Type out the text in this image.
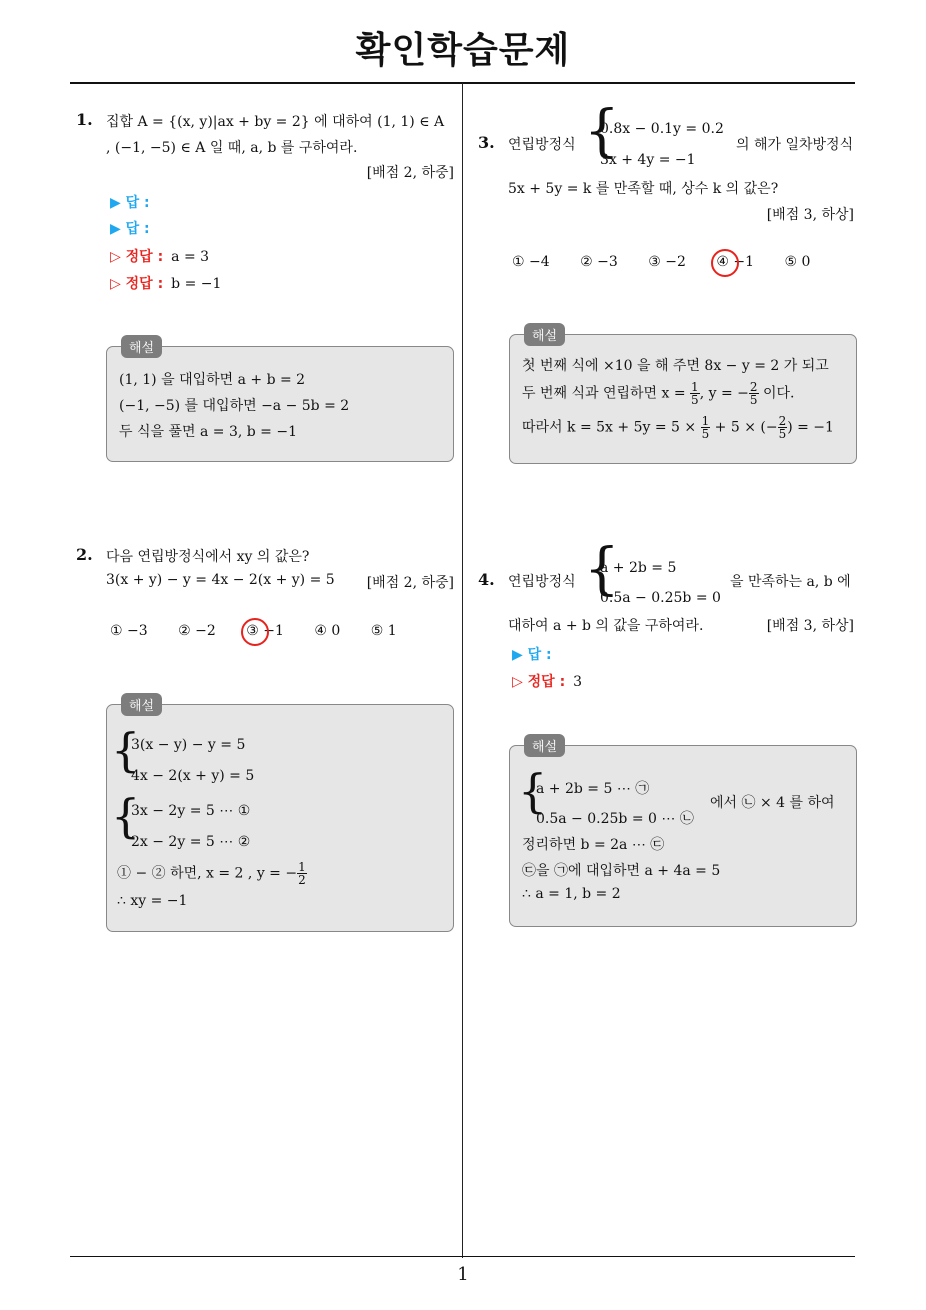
확인학습문제
1. 집합 A = {(x, y)|ax + by = 2} 에 대하여 (1, 1) ∈ A
, (−1, −5) ∈ A 일 때, a, b 를 구하여라.
[배점 2, 하중]
▶ 답 :
▶ 답 :
▷ 정답 : a = 3
▷ 정답 : b = −1
해설
(1, 1) 을 대입하면 a + b = 2
(−1, −5) 를 대입하면 −a − 5b = 2
두 식을 풀면 a = 3, b = −1
2. 다음 연립방정식에서 xy 의 값은?
3(x + y) − y = 4x − 2(x + y) = 5 [배점 2, 하중]
① −3 ② −2 ③ −1 ④ 0 ⑤ 1
해설
{
3(x − y) − y = 5
4x − 2(x + y) = 5
{
3x − 2y = 5 ⋯ ①
2x − 2y = 5 ⋯ ②
① − ② 하면, x = 2 , y = − $\frac{1}{2}$
∴ xy = −1
3. 연립방정식 {
0.8x − 0.1y = 0.2
3x + 4y = −1
의 해가 일차방정식
5x + 5y = k 를 만족할 때, 상수 k 의 값은?
[배점 3, 하상]
① −4 ② −3 ③ −2 ④ −1 ⑤ 0
해설
첫 번째 식에 ×10 을 해 주면 8x − y = 2 가 되고
두 번째 식과 연립하면 $x = \frac{1}{5}$ , y = − $\frac{2}{5}$ 이다.
따라서 $k = 5x + 5y = 5 \times \frac{1}{5} + 5$ × (− $\frac{2}{5}$ ) = −1
4. 연립방정식 {
a + 2b = 5
0.5a − 0.25b = 0
을 만족하는 a, b 에
대하여 a + b 의 값을 구하여라.	[배점 3, 하상]
▶ 답 :
▷ 정답 : 3
해설
{
a + 2b = 5 ⋯ ㉠
0.5a − 0.25b = 0 ⋯ ㉡
에서 ㉡ × 4 를 하여
정리하면 b = 2a ⋯ ㉢
㉢을 ㉠에 대입하면 a + 4a = 5
∴ a = 1, b = 2
1
